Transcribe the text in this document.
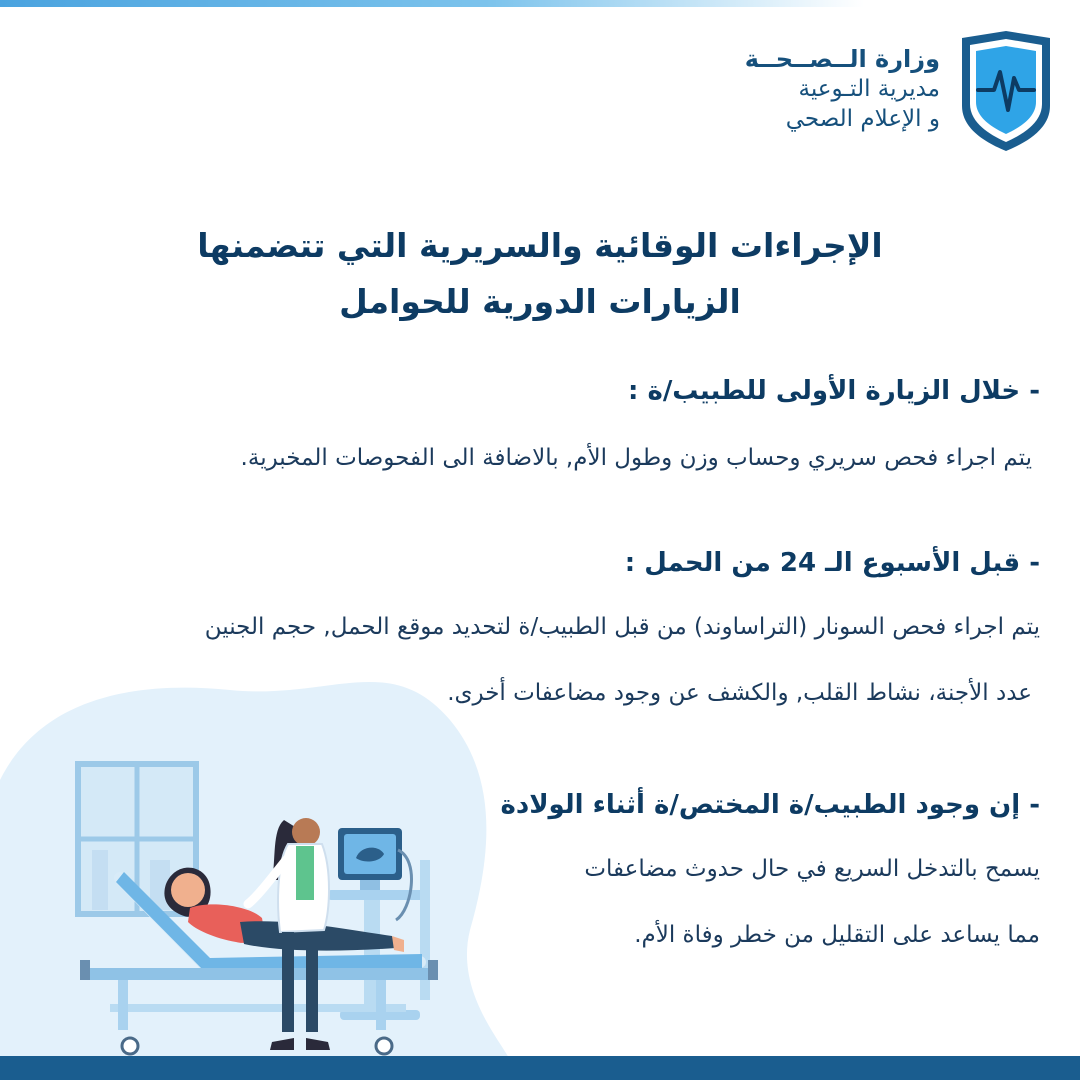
وزارة الــصــحــة
مديرية التـوعية
و الإعلام الصحي
الإجراءات الوقائية والسريرية التي تتضمنها
الزيارات الدورية للحوامل
- خلال الزيارة الأولى للطبيب/ة :
يتم اجراء فحص سريري وحساب وزن وطول الأم, بالاضافة الى الفحوصات المخبرية.
- قبل الأسبوع الـ 24 من الحمل :
يتم اجراء فحص السونار (التراساوند) من قبل الطبيب/ة لتحديد موقع الحمل, حجم الجنين
عدد الأجنة، نشاط القلب, والكشف عن وجود مضاعفات أخرى.
- إن وجود الطبيب/ة المختص/ة أثناء الولادة
يسمح بالتدخل السريع في حال حدوث مضاعفات
مما يساعد على التقليل من خطر وفاة الأم.
